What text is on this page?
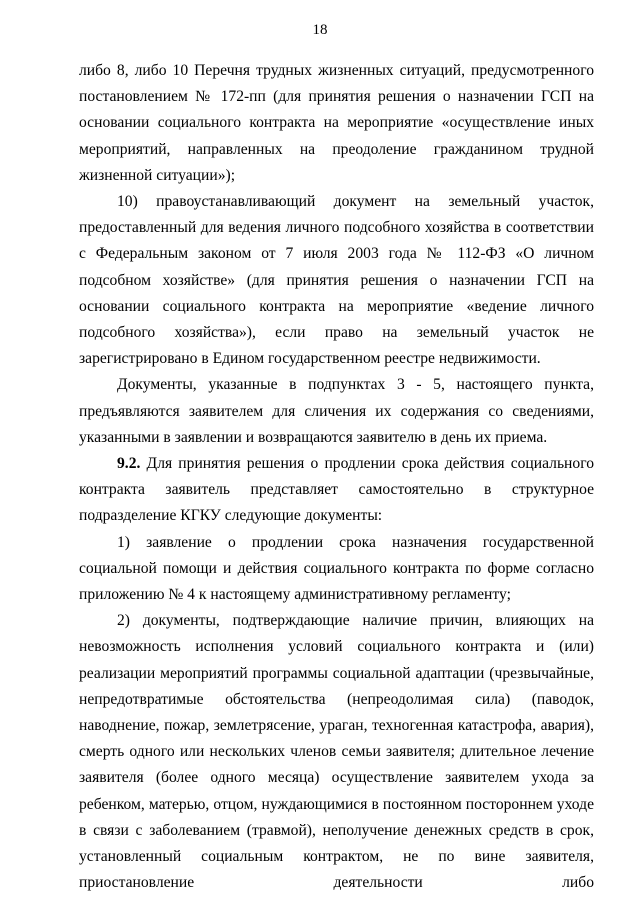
18

либо 8, либо 10 Перечня трудных жизненных ситуаций, предусмотренного постановлением № 172-пп (для принятия решения о назначении ГСП на основании социального контракта на мероприятие «осуществление иных мероприятий, направленных на преодоление гражданином трудной жизненной ситуации»);

10) правоустанавливающий документ на земельный участок, предоставленный для ведения личного подсобного хозяйства в соответствии с Федеральным законом от 7 июля 2003 года № 112-ФЗ «О личном подсобном хозяйстве» (для принятия решения о назначении ГСП на основании социального контракта на мероприятие «ведение личного подсобного хозяйства»), если право на земельный участок не зарегистрировано в Едином государственном реестре недвижимости.

Документы, указанные в подпунктах 3 - 5, настоящего пункта, предъявляются заявителем для сличения их содержания со сведениями, указанными в заявлении и возвращаются заявителю в день их приема.

9.2. Для принятия решения о продлении срока действия социального контракта заявитель представляет самостоятельно в структурное подразделение КГКУ следующие документы:

1) заявление о продлении срока назначения государственной социальной помощи и действия социального контракта по форме согласно приложению № 4 к настоящему административному регламенту;

2) документы, подтверждающие наличие причин, влияющих на невозможность исполнения условий социального контракта и (или) реализации мероприятий программы социальной адаптации (чрезвычайные, непредотвратимые обстоятельства (непреодолимая сила) (паводок, наводнение, пожар, землетрясение, ураган, техногенная катастрофа, авария), смерть одного или нескольких членов семьи заявителя; длительное лечение заявителя (более одного месяца) осуществление заявителем ухода за ребенком, матерью, отцом, нуждающимися в постоянном постороннем уходе в связи с заболеванием (травмой), неполучение денежных средств в срок, установленный социальным контрактом, не по вине заявителя, приостановление деятельности либо
